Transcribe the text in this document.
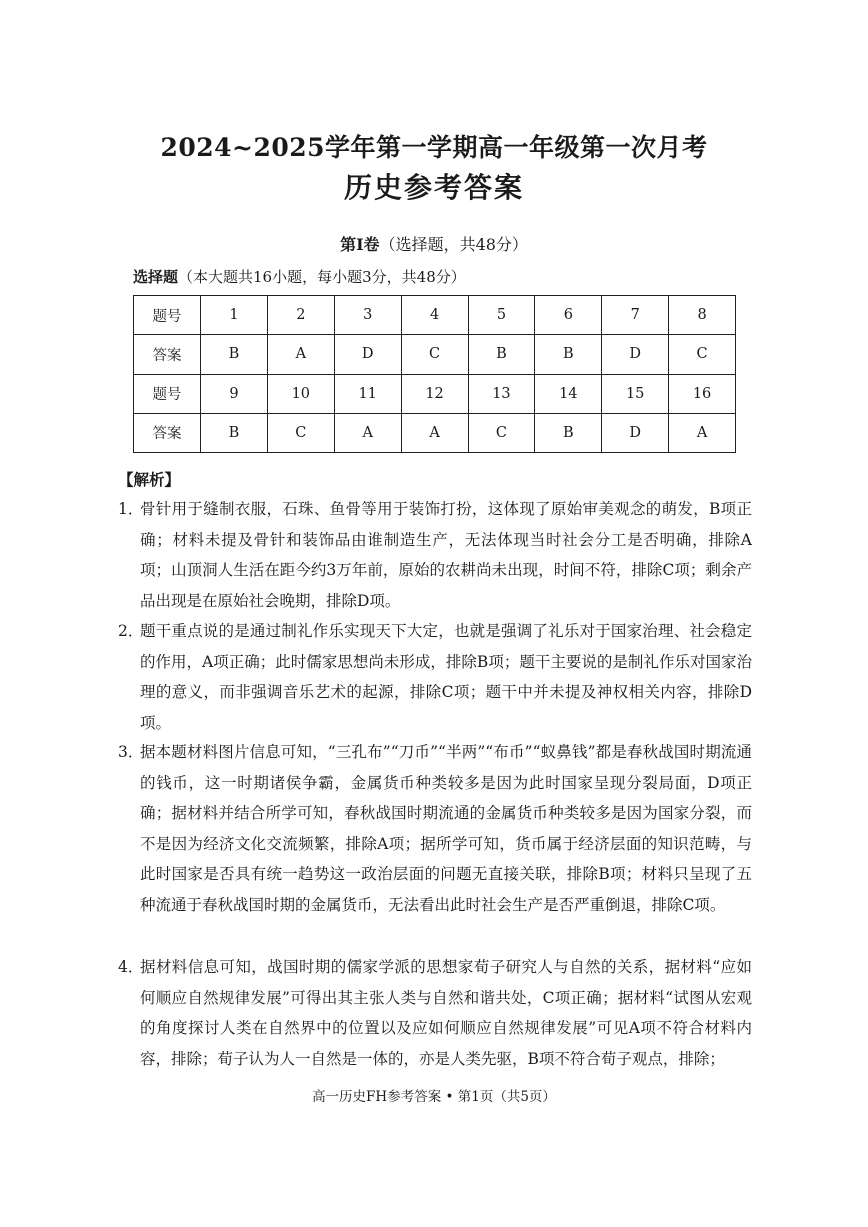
2024~2025学年第一学期高一年级第一次月考
历史参考答案
第Ⅰ卷（选择题，共48分）
选择题（本大题共16小题，每小题3分，共48分）
题号	1	2	3	4	5	6	7	8
答案	B	A	D	C	B	B	D	C
题号	9	10	11	12	13	14	15	16
答案	B	C	A	A	C	B	D	A
【解析】
1．
骨针用于缝制衣服，石珠、鱼骨等用于装饰打扮，这体现了原始审美观念的萌发，B项正确；材料未提及骨针和装饰品由谁制造生产，无法体现当时社会分工是否明确，排除A项；山顶洞人生活在距今约3万年前，原始的农耕尚未出现，时间不符，排除C项；剩余产品出现是在原始社会晚期，排除D项。
2．
题干重点说的是通过制礼作乐实现天下大定，也就是强调了礼乐对于国家治理、社会稳定的作用，A项正确；此时儒家思想尚未形成，排除B项；题干主要说的是制礼作乐对国家治理的意义，而非强调音乐艺术的起源，排除C项；题干中并未提及神权相关内容，排除D项。
3．
据本题材料图片信息可知，“三孔布”“刀币”“半两”“布币”“蚁鼻钱”都是春秋战国时期流通的钱币，这一时期诸侯争霸，金属货币种类较多是因为此时国家呈现分裂局面，D项正确；据材料并结合所学可知，春秋战国时期流通的金属货币种类较多是因为国家分裂，而不是因为经济文化交流频繁，排除A项；据所学可知，货币属于经济层面的知识范畴，与此时国家是否具有统一趋势这一政治层面的问题无直接关联，排除B项；材料只呈现了五种流通于春秋战国时期的金属货币，无法看出此时社会生产是否严重倒退，排除C项。
4．
据材料信息可知，战国时期的儒家学派的思想家荀子研究人与自然的关系，据材料“应如何顺应自然规律发展”可得出其主张人类与自然和谐共处，C项正确；据材料“试图从宏观的角度探讨人类在自然界中的位置以及应如何顺应自然规律发展”可见A项不符合材料内容，排除；荀子认为人一自然是一体的，亦是人类先驱，B项不符合荀子观点，排除；
高一历史FH参考答案 • 第1页（共5页）
